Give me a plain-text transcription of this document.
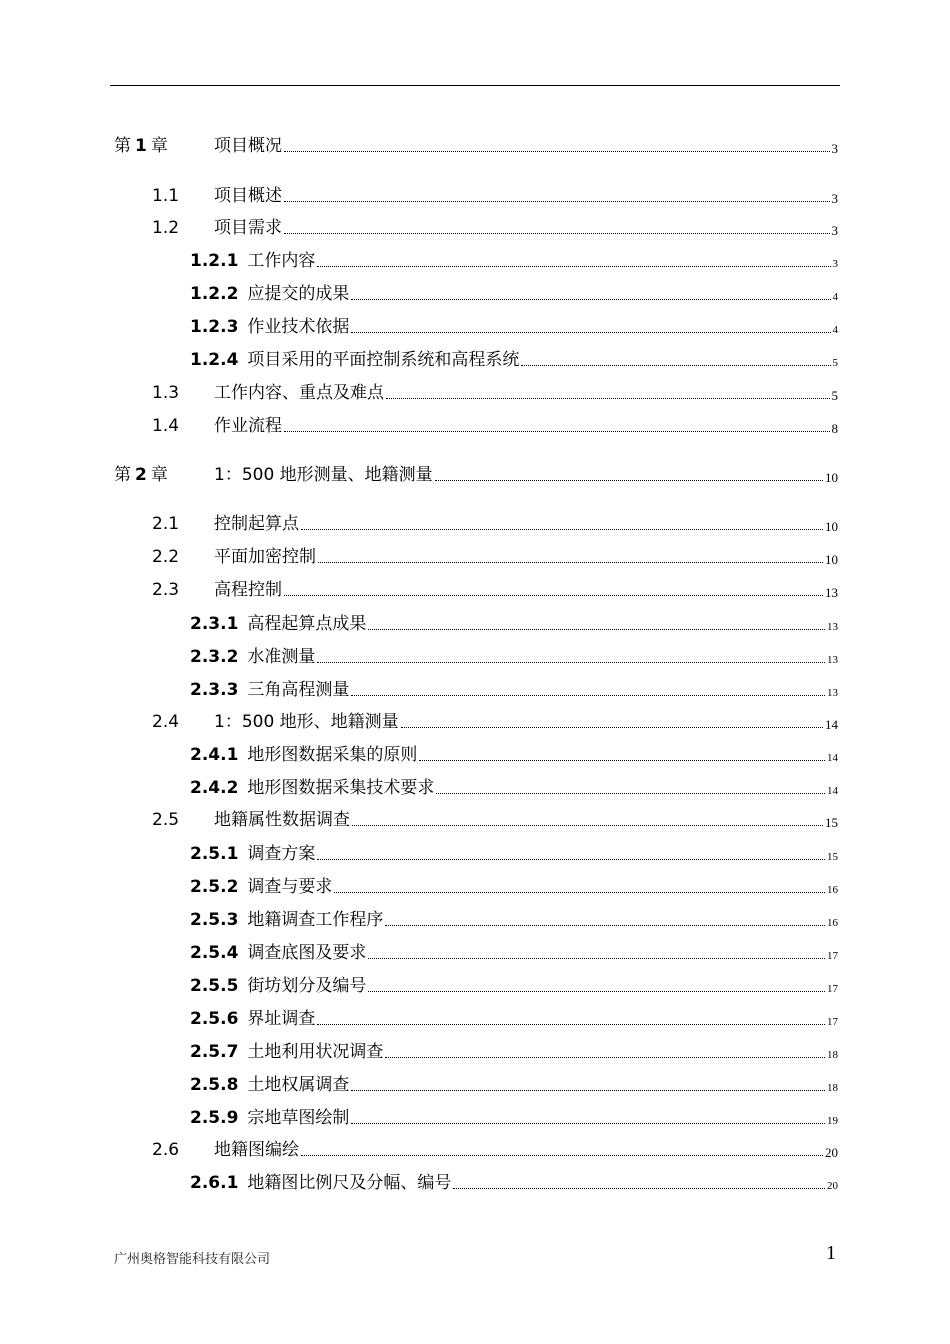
第 1 章	项目概况	3
1.1	项目概述	3
1.2	项目需求	3
1.2.1 工作内容	3
1.2.2 应提交的成果	4
1.2.3 作业技术依据	4
1.2.4 项目采用的平面控制系统和高程系统	5
1.3	工作内容、重点及难点	5
1.4	作业流程	8
第 2 章	1：500 地形测量、地籍测量	10
2.1	控制起算点	10
2.2	平面加密控制	10
2.3	高程控制	13
2.3.1 高程起算点成果	13
2.3.2 水准测量	13
2.3.3 三角高程测量	13
2.4	1：500 地形、地籍测量	14
2.4.1 地形图数据采集的原则	14
2.4.2 地形图数据采集技术要求	14
2.5	地籍属性数据调查	15
2.5.1 调查方案	15
2.5.2 调查与要求	16
2.5.3 地籍调查工作程序	16
2.5.4 调查底图及要求	17
2.5.5 街坊划分及编号	17
2.5.6 界址调查	17
2.5.7 土地利用状况调查	18
2.5.8 土地权属调查	18
2.5.9 宗地草图绘制	19
2.6	地籍图编绘	20
2.6.1 地籍图比例尺及分幅、编号	20
广州奥格智能科技有限公司	1
